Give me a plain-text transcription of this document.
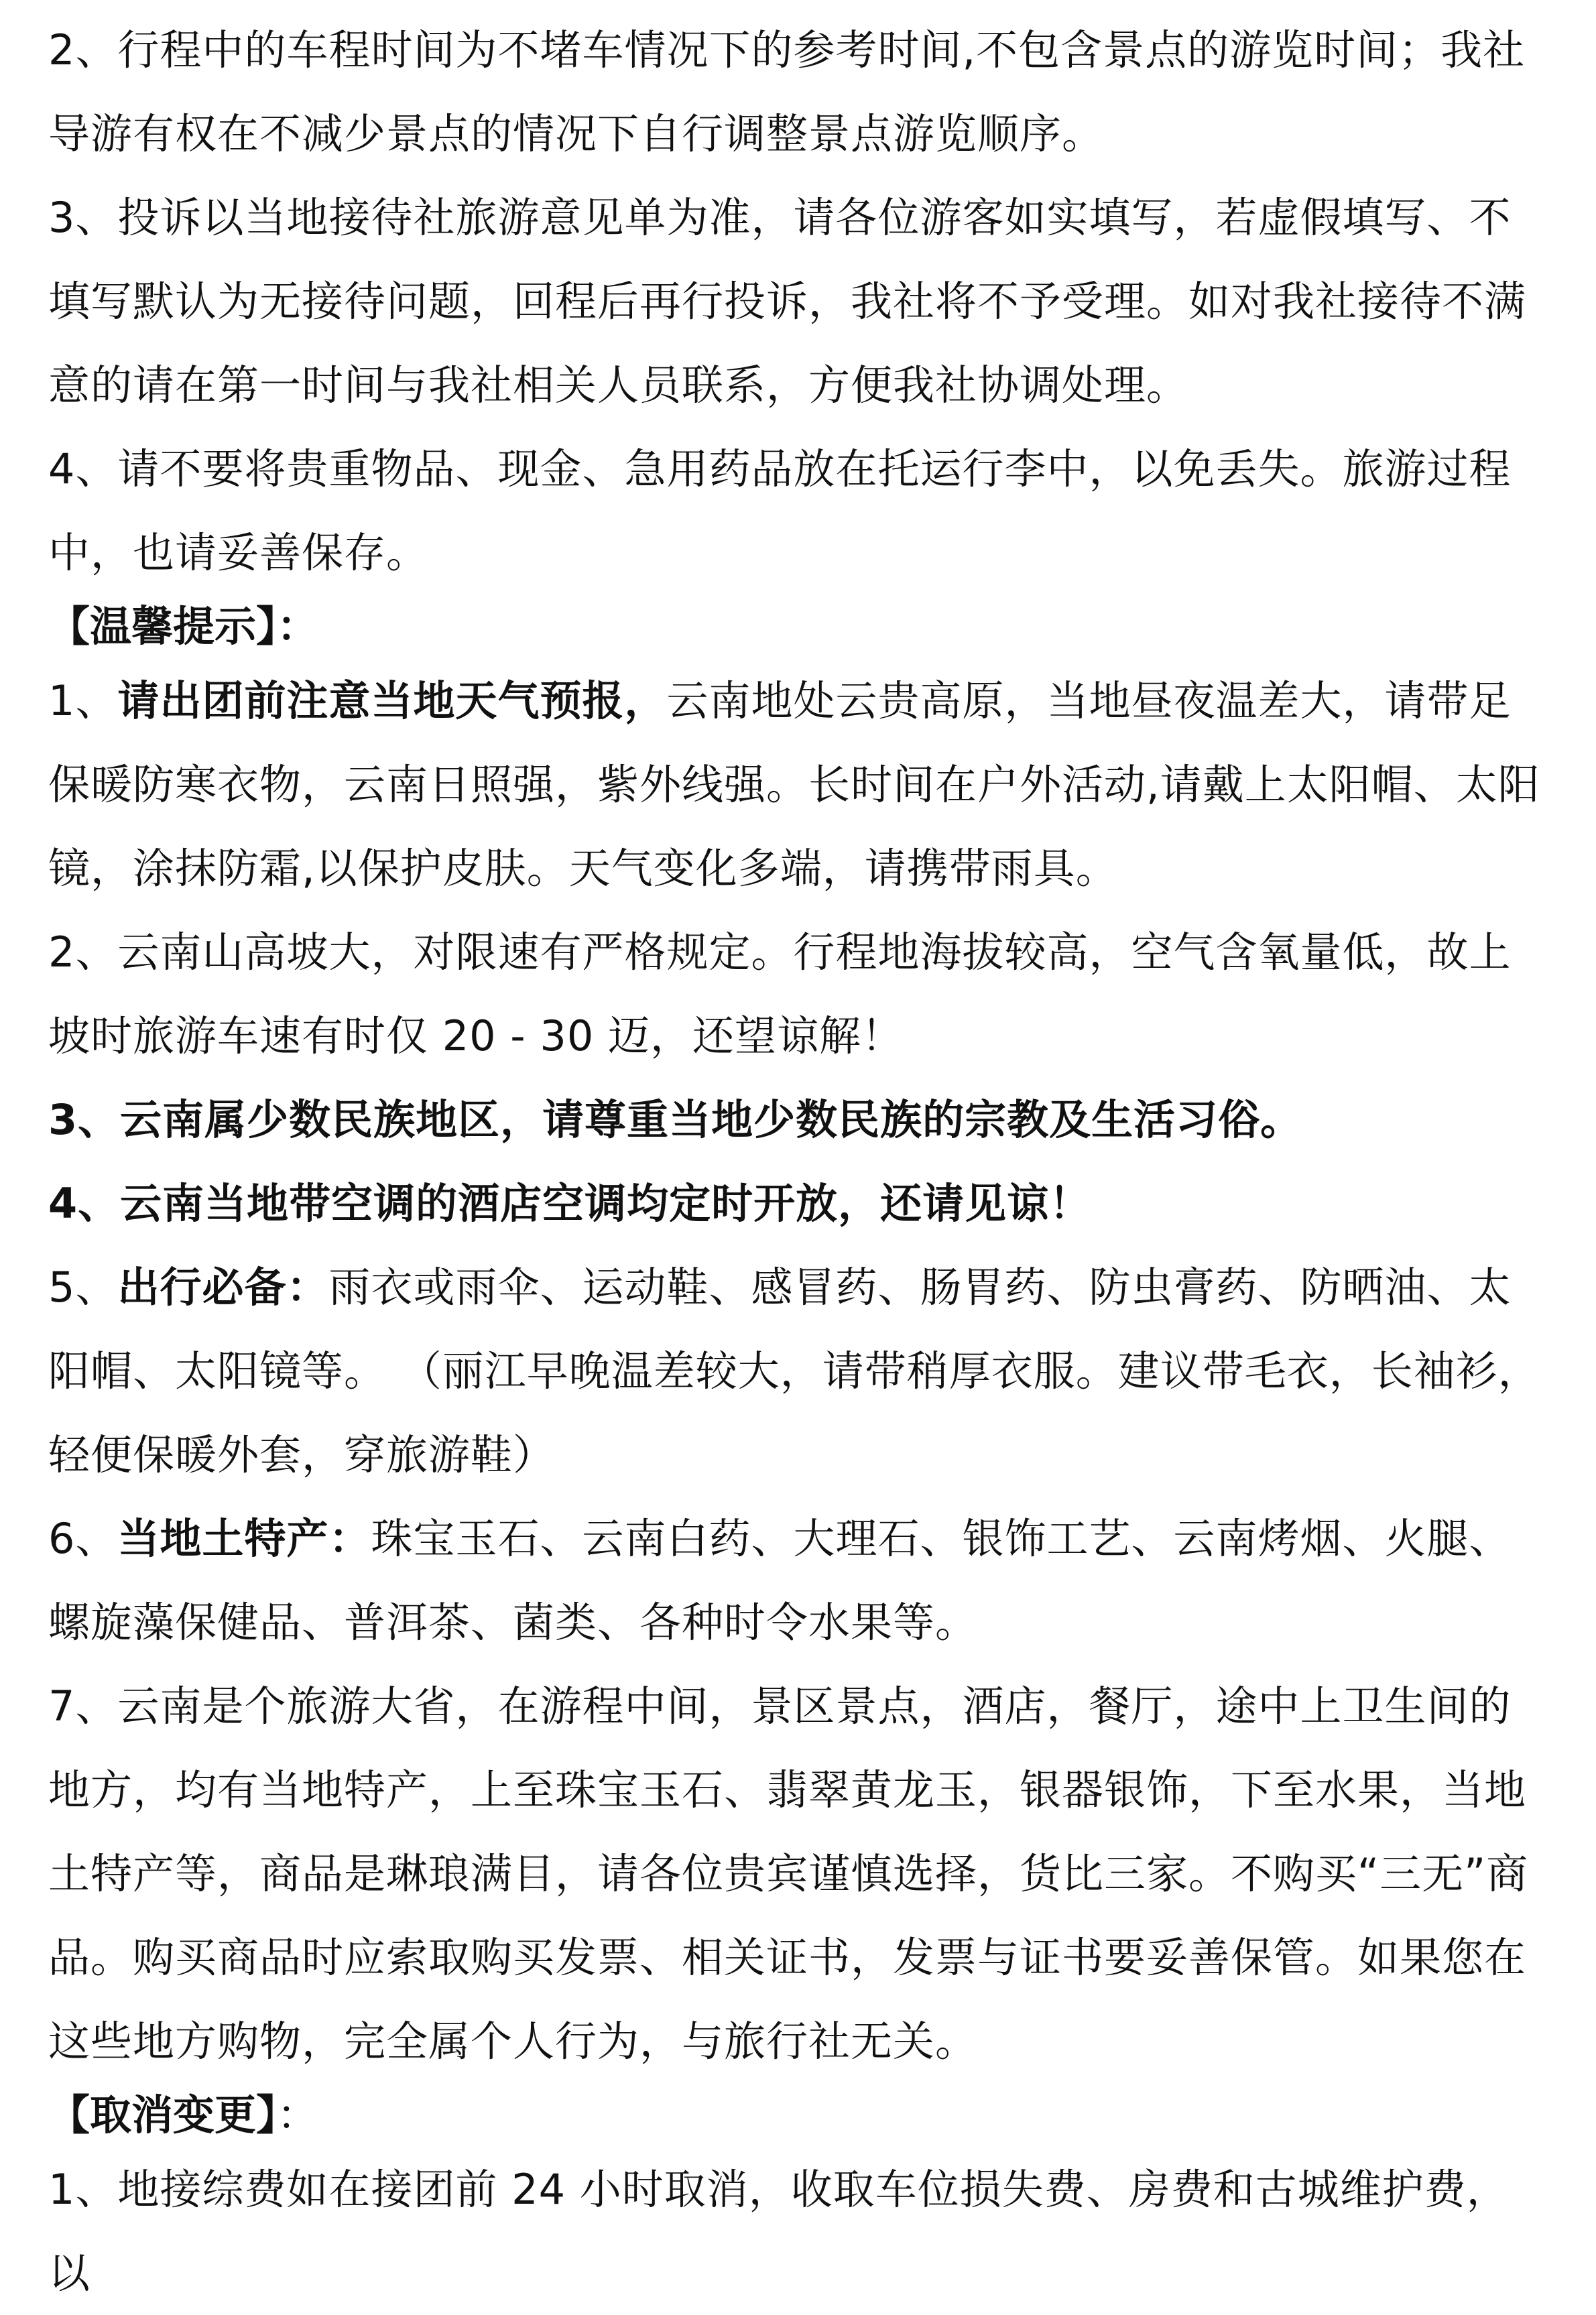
2、行程中的车程时间为不堵车情况下的参考时间,不包含景点的游览时间；我社导游有权在不减少景点的情况下自行调整景点游览顺序。

3、投诉以当地接待社旅游意见单为准，请各位游客如实填写，若虚假填写、不填写默认为无接待问题，回程后再行投诉，我社将不予受理。如对我社接待不满意的请在第一时间与我社相关人员联系，方便我社协调处理。

4、请不要将贵重物品、现金、急用药品放在托运行李中，以免丢失。旅游过程中，也请妥善保存。

【温馨提示】：

1、请出团前注意当地天气预报，云南地处云贵高原，当地昼夜温差大，请带足保暖防寒衣物，云南日照强，紫外线强。长时间在户外活动,请戴上太阳帽、太阳镜，涂抹防霜,以保护皮肤。天气变化多端，请携带雨具。

2、云南山高坡大，对限速有严格规定。行程地海拔较高，空气含氧量低，故上坡时旅游车速有时仅 20 - 30 迈，还望谅解！

3、云南属少数民族地区，请尊重当地少数民族的宗教及生活习俗。

4、云南当地带空调的酒店空调均定时开放，还请见谅！

5、出行必备：雨衣或雨伞、运动鞋、感冒药、肠胃药、防虫膏药、防晒油、太阳帽、太阳镜等。 （丽江早晚温差较大，请带稍厚衣服。建议带毛衣，长袖衫，轻便保暖外套，穿旅游鞋）

6、当地土特产：珠宝玉石、云南白药、大理石、银饰工艺、云南烤烟、火腿、螺旋藻保健品、普洱茶、菌类、各种时令水果等。

7、云南是个旅游大省，在游程中间，景区景点，酒店，餐厅，途中上卫生间的地方，均有当地特产，上至珠宝玉石、翡翠黄龙玉，银器银饰，下至水果，当地土特产等，商品是琳琅满目，请各位贵宾谨慎选择，货比三家。不购买“三无”商品。购买商品时应索取购买发票、相关证书，发票与证书要妥善保管。如果您在这些地方购物，完全属个人行为，与旅行社无关。

【取消变更】：

1、地接综费如在接团前 24 小时取消，收取车位损失费、房费和古城维护费，以
